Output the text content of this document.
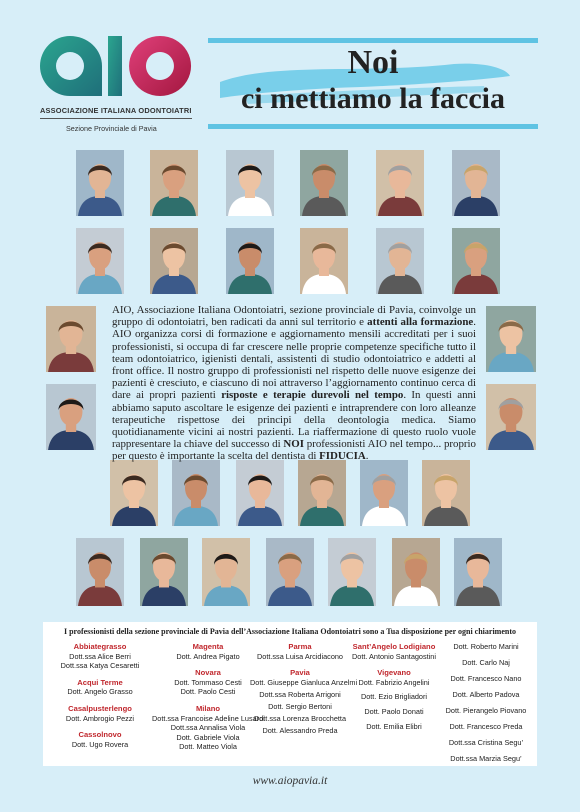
ASSOCIAZIONE ITALIANA ODONTOIATRI
Sezione Provinciale di Pavia
Noi
ci mettiamo la faccia
AIO, Associazione Italiana Odontoiatri, sezione provinciale di Pavia, coinvolge un gruppo di odontoiatri, ben radicati da anni sul territorio e attenti alla formazione. AIO organizza corsi di formazione e aggiornamento mensili accreditati per i suoi professionisti, si occupa di far crescere nelle proprie competenze specifiche tutto il team odontoiatrico, igienisti dentali, assistenti di studio odontoiatrico e addetti al front office. Il nostro gruppo di professionisti nel rispetto delle nuove esigenze dei pazienti è cresciuto, e ciascuno di noi attraverso l’aggiornamento continuo cerca di dare ai propri pazienti risposte e terapie durevoli nel tempo. In questi anni abbiamo saputo ascoltare le esigenze dei pazienti e intraprendere con loro alleanze terapeutiche rispettose dei principi della deontologia medica. Siamo quotidianamente vicini ai nostri pazienti. La riaffermazione di questo ruolo vuole rappresentare la chiave del successo di NOI professionisti AIO nel tempo... proprio per questo è importante la scelta del dentista di FIDUCIA.
I professionisti della sezione provinciale di Pavia dell’Associazione Italiana Odontoiatri sono a Tua disposizione per ogni chiarimento
Abbiategrasso
Dott.ssa Alice Berri
Dott.ssa Katya Cesaretti
Acqui Terme
Dott. Angelo Grasso
Casalpusterlengo
Dott. Ambrogio Pezzi
Cassolnovo
Dott. Ugo Rovera
Magenta
Dott. Andrea Pigato
Novara
Dott. Tommaso Cesti
Dott. Paolo Cesti
Milano
Dott.ssa Francoise Adeline Lusardi
Dott.ssa Annalisa Viola
Dott. Gabriele Viola
Dott. Matteo Viola
Parma
Dott.ssa Luisa Arcidiacono
Pavia
Dott. Giuseppe Gianluca Anzelmi
Dott.ssa Roberta Arrigoni
Dott. Sergio Bertoni
Dott.ssa Lorenza Brocchetta
Dott. Alessandro Preda
Sant’Angelo Lodigiano
Dott. Antonio Santagostini
Vigevano
Dott. Fabrizio Angelini
Dott. Ezio Brigliadori
Dott. Paolo Donati
Dott. Emilia Elibri
Dott. Roberto Marini
Dott. Carlo Naj
Dott. Francesco Nano
Dott. Alberto Padova
Dott. Pierangelo Piovano
Dott. Francesco Preda
Dott.ssa Cristina Segu’
Dott.ssa Marzia Segu’
www.aiopavia.it
